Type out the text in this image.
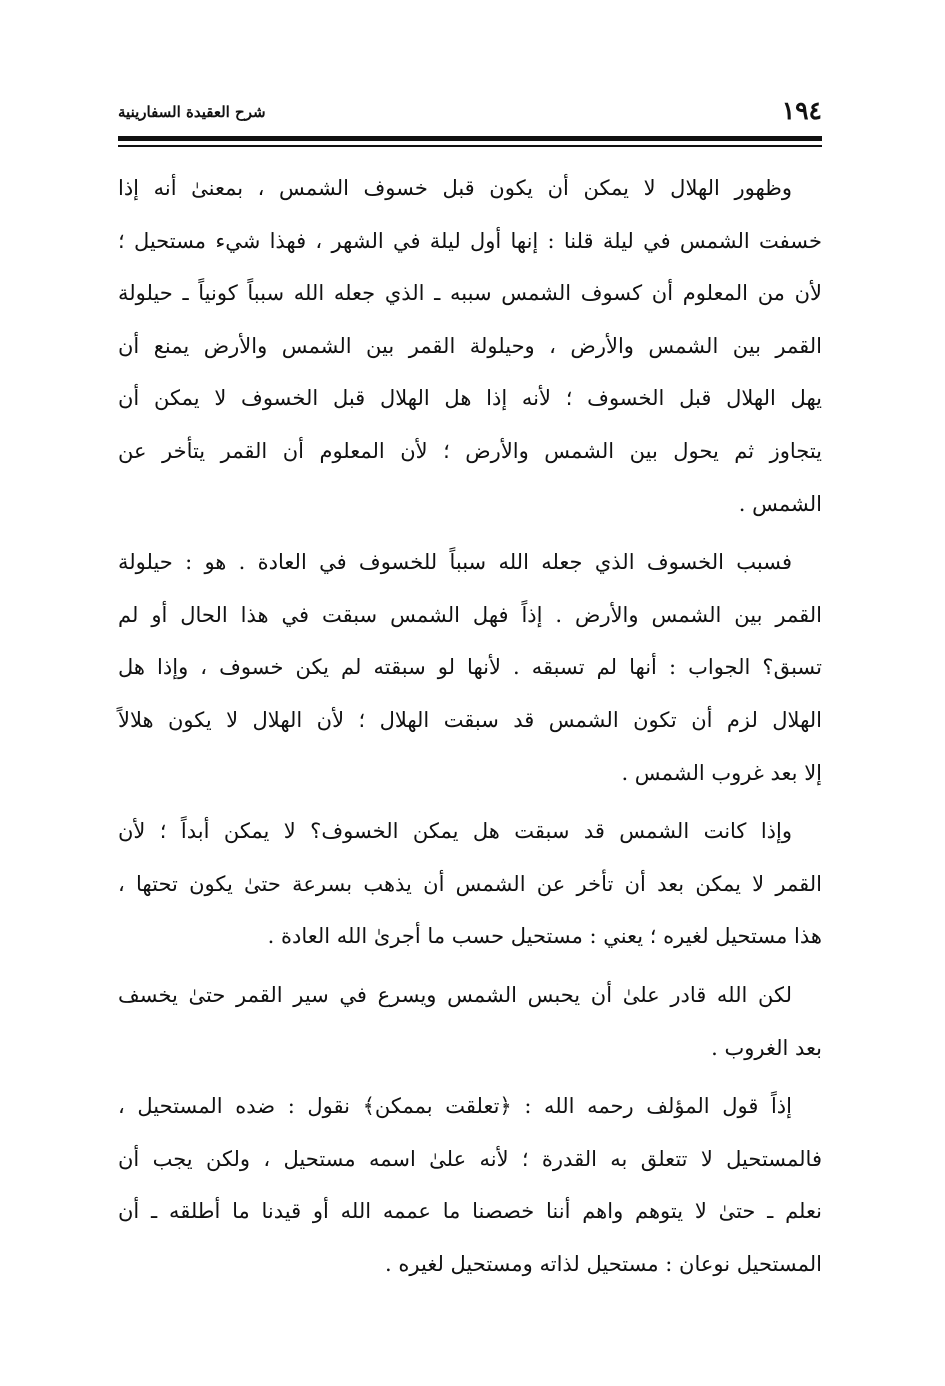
١٩٤
شرح العقيدة السفارينية

وظهور الهلال لا يمكن أن يكون قبل خسوف الشمس ، بمعنىٰ أنه إذا
خسفت الشمس في ليلة قلنا : إنها أول ليلة في الشهر ، فهذا شيء مستحيل ؛
لأن من المعلوم أن كسوف الشمس سببه ـ الذي جعله الله سبباً كونياً ـ حيلولة
القمر بين الشمس والأرض ، وحيلولة القمر بين الشمس والأرض يمنع أن
يهل الهلال قبل الخسوف ؛ لأنه إذا هل الهلال قبل الخسوف لا يمكن أن
يتجاوز ثم يحول بين الشمس والأرض ؛ لأن المعلوم أن القمر يتأخر عن
الشمس .

فسبب الخسوف الذي جعله الله سبباً للخسوف في العادة . هو : حيلولة
القمر بين الشمس والأرض . إذاً فهل الشمس سبقت في هذا الحال أو لم
تسبق؟ الجواب : أنها لم تسبقه . لأنها لو سبقته لم يكن خسوف ، وإذا هل
الهلال لزم أن تكون الشمس قد سبقت الهلال ؛ لأن الهلال لا يكون هلالاً
إلا بعد غروب الشمس .

وإذا كانت الشمس قد سبقت هل يمكن الخسوف؟ لا يمكن أبداً ؛ لأن
القمر لا يمكن بعد أن تأخر عن الشمس أن يذهب بسرعة حتىٰ يكون تحتها ،
هذا مستحيل لغيره ؛ يعني : مستحيل حسب ما أجرىٰ الله العادة .

لكن الله قادر علىٰ أن يحبس الشمس ويسرع في سير القمر حتىٰ يخسف
بعد الغروب .

إذاً قول المؤلف رحمه الله : ﴿تعلقت بممكن﴾ نقول : ضده المستحيل ،
فالمستحيل لا تتعلق به القدرة ؛ لأنه علىٰ اسمه مستحيل ، ولكن يجب أن
نعلم ـ حتىٰ لا يتوهم واهم أننا خصصنا ما عممه الله أو قيدنا ما أطلقه ـ أن
المستحيل نوعان : مستحيل لذاته ومستحيل لغيره .
